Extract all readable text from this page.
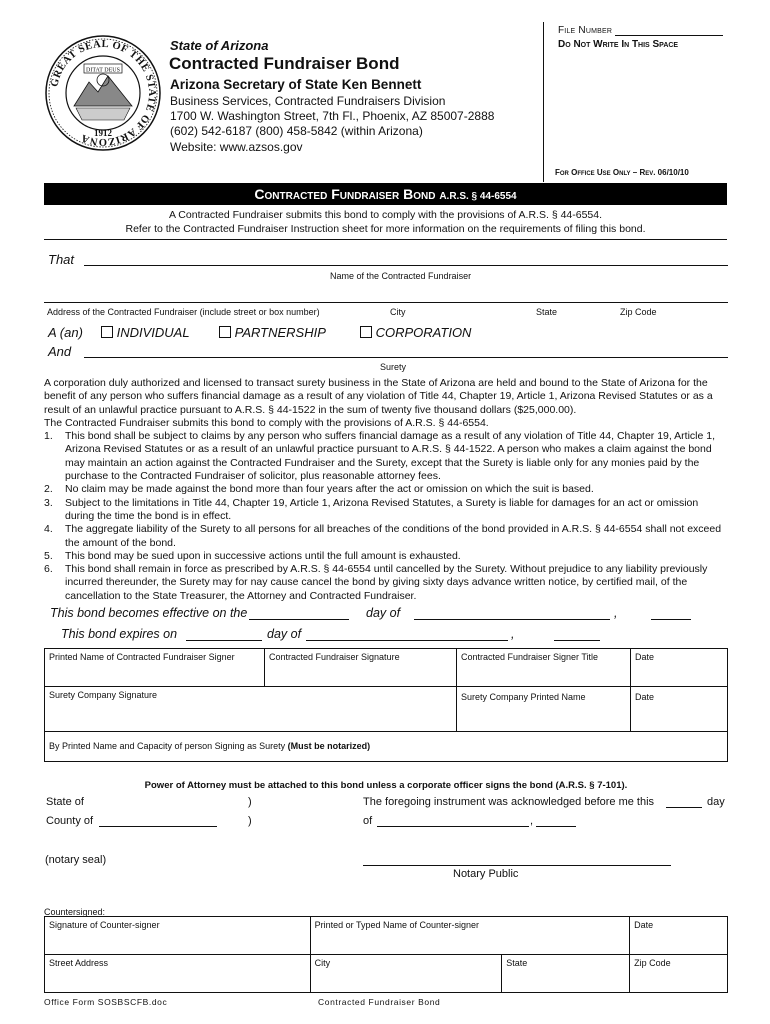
GREAT SEAL OF THE STATE OF ARIZONA
DITAT DEUS
1912
State of Arizona
Contracted Fundraiser Bond
Arizona Secretary of State Ken Bennett
Business Services, Contracted Fundraisers Division
1700 W. Washington Street, 7th Fl., Phoenix, AZ 85007-2888
(602) 542-6187 (800) 458-5842 (within Arizona)
Website: www.azsos.gov
File Number
Do Not Write In This Space
For Office Use Only – Rev. 06/10/10
Contracted Fundraiser Bond A.R.S. § 44-6554
A Contracted Fundraiser submits this bond to comply with the provisions of A.R.S. § 44-6554.
Refer to the Contracted Fundraiser Instruction sheet for more information on the requirements of filing this bond.
That
Name of the Contracted Fundraiser
Address of the Contracted Fundraiser (include street or box number)	City	State	Zip Code
A (an)	INDIVIDUAL	PARTNERSHIP	CORPORATION
And
Surety
A corporation duly authorized and licensed to transact surety business in the State of Arizona are held and bound to the State of Arizona for the benefit of any person who suffers financial damage as a result of any violation of Title 44, Chapter 19, Article 1, Arizona Revised Statutes or as a result of an unlawful practice pursuant to A.R.S. § 44-1522 in the sum of twenty five thousand dollars ($25,000.00).
The Contracted Fundraiser submits this bond to comply with the provisions of A.R.S. § 44-6554.
1. This bond shall be subject to claims by any person who suffers financial damage as a result of any violation of Title 44, Chapter 19, Article 1, Arizona Revised Statutes or as a result of an unlawful practice pursuant to A.R.S. § 44-1522. A person who makes a claim against the bond may maintain an action against the Contracted Fundraiser and the Surety, except that the Surety is liable only for any monies paid by the purchase to the Contracted Fundraiser of solicitor, plus reasonable attorney fees.
2. No claim may be made against the bond more than four years after the act or omission on which the suit is based.
3. Subject to the limitations in Title 44, Chapter 19, Article 1, Arizona Revised Statutes, a Surety is liable for damages for an act or omission during the time the bond is in effect.
4. The aggregate liability of the Surety to all persons for all breaches of the conditions of the bond provided in A.R.S. § 44-6554 shall not exceed the amount of the bond.
5. This bond may be sued upon in successive actions until the full amount is exhausted.
6. This bond shall remain in force as prescribed by A.R.S. § 44-6554 until cancelled by the Surety. Without prejudice to any liability previously incurred thereunder, the Surety may for nay cause cancel the bond by giving sixty days advance written notice, by certified mail, of the cancellation to the State Treasurer, the Attorney and Contracted Fundraiser.
This bond becomes effective on the	day of	,
This bond expires on	day of	,
Printed Name of Contracted Fundraiser Signer	Contracted Fundraiser Signature	Contracted Fundraiser Signer Title	Date
Surety Company Signature		Surety Company Printed Name	Date
By Printed Name and Capacity of person Signing as Surety (Must be notarized)			
Power of Attorney must be attached to this bond unless a corporate officer signs the bond (A.R.S. § 7-101).
State of	)
County of	)
The foregoing instrument was acknowledged before me this	day
of	,
(notary seal)
Notary Public
Countersigned:
Signature of Counter-signer	Printed or Typed Name of Counter-signer		Date
Street Address	City	State	Zip Code
Office Form SOSBSCFB.doc	Contracted Fundraiser Bond
